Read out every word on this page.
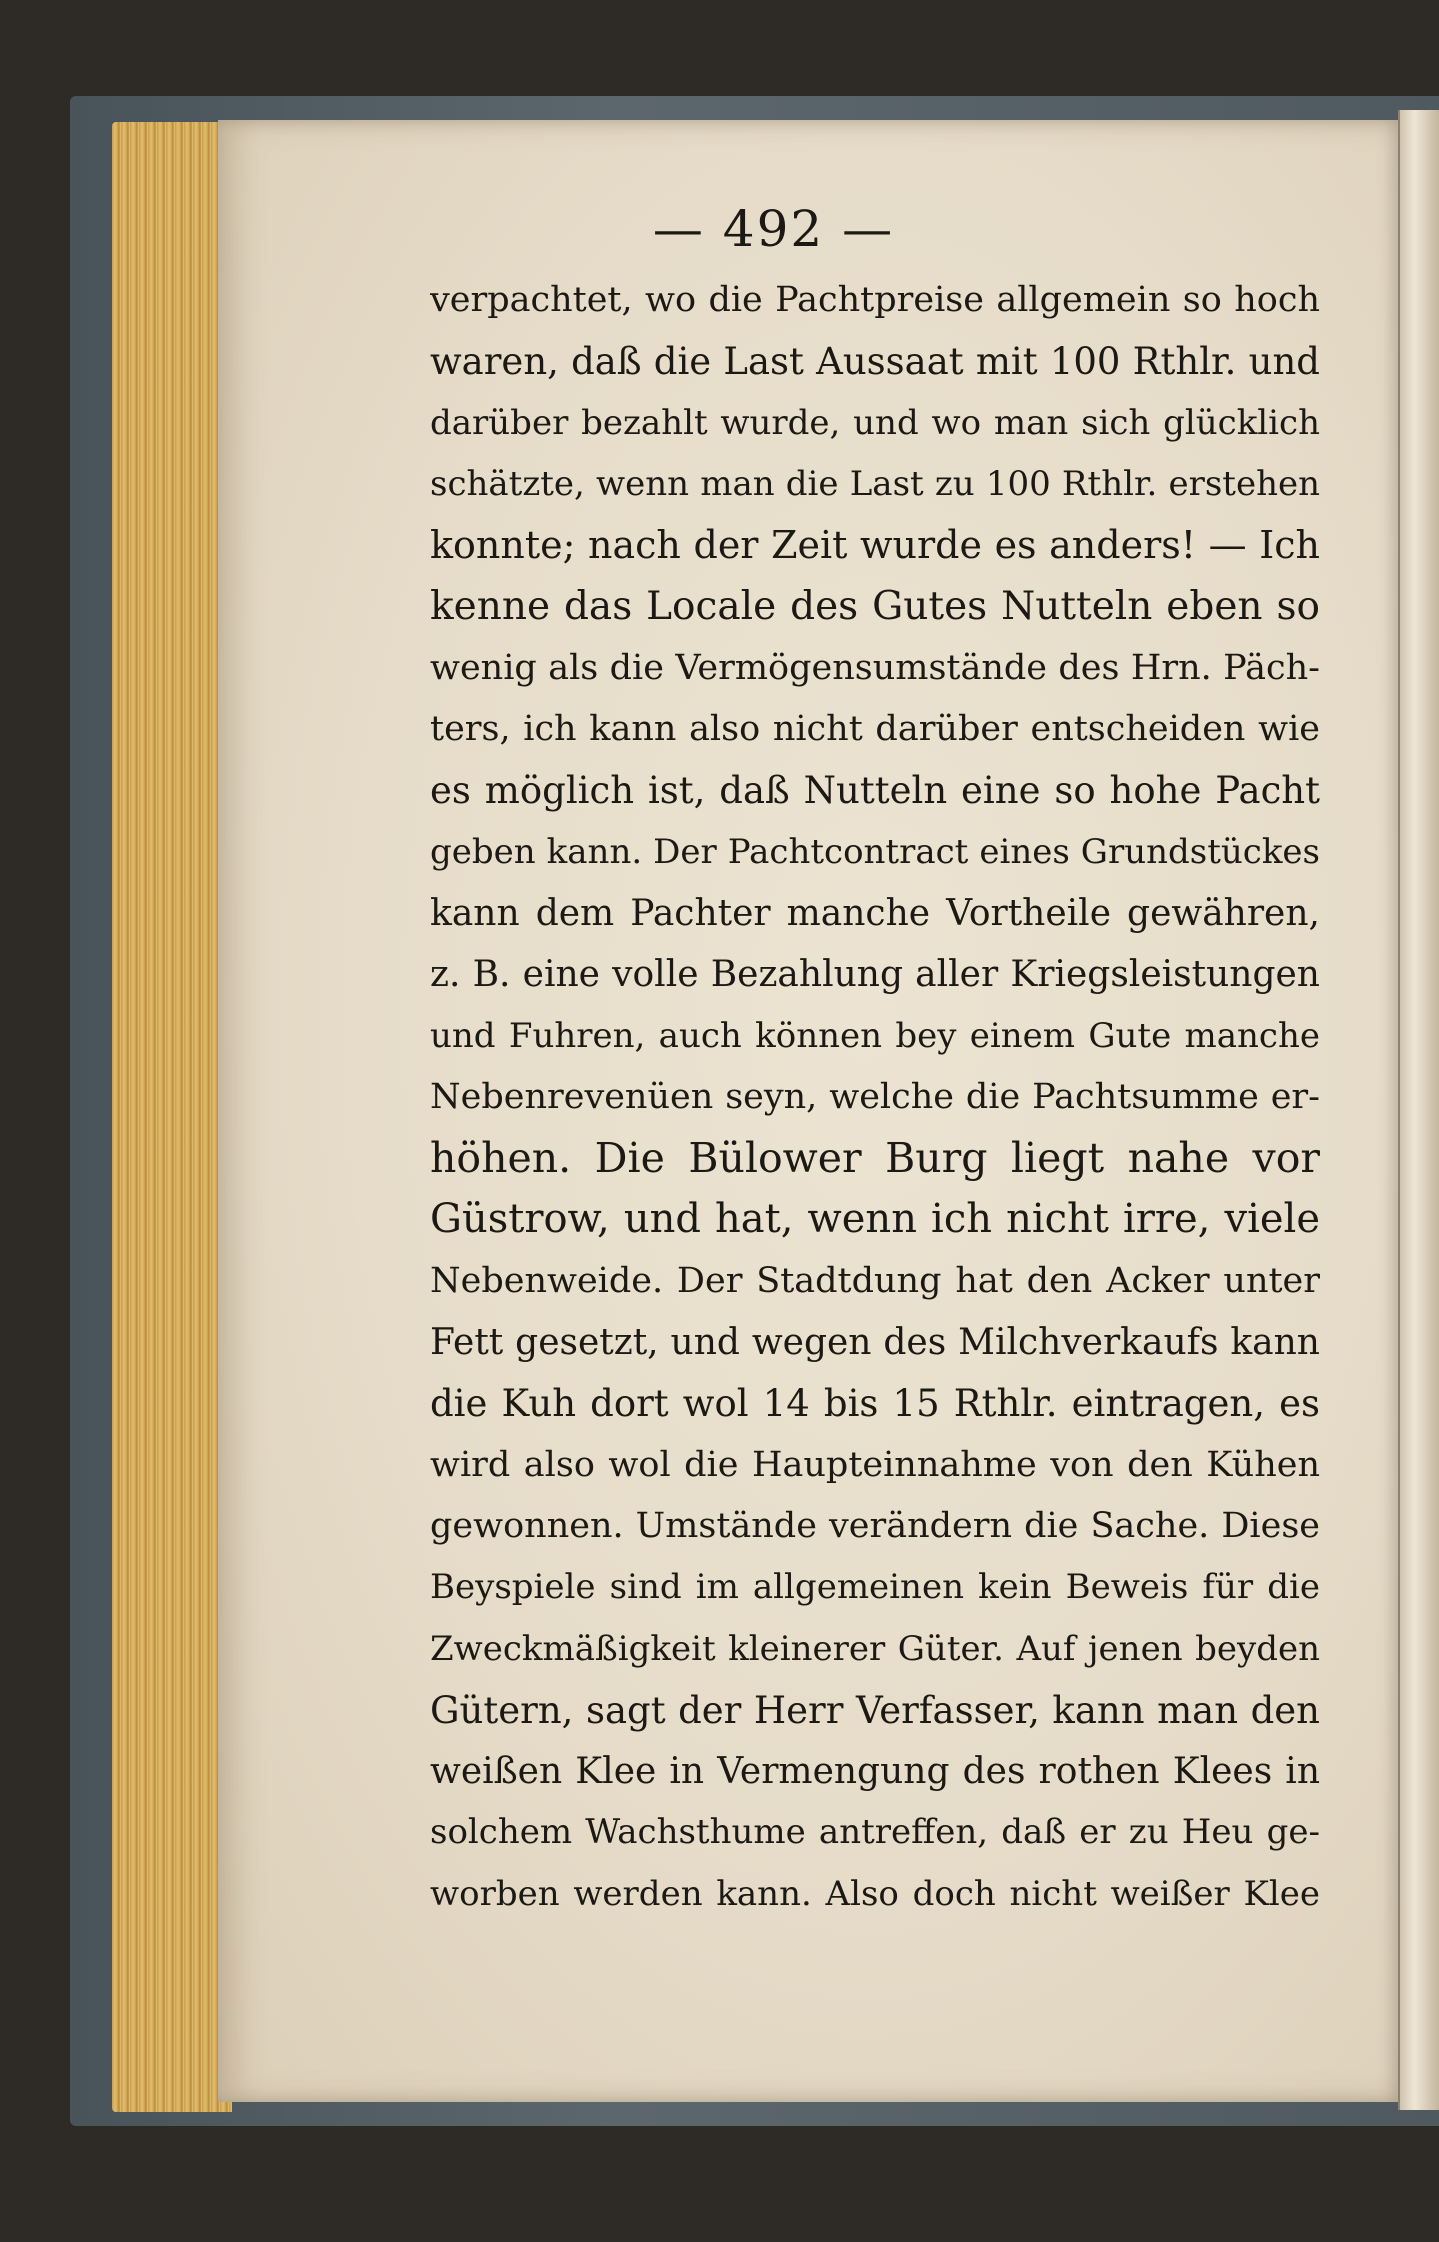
— 492 —
verpachtet, wo die Pachtpreise allgemein so hoch
waren, daß die Last Aussaat mit 100 Rthlr. und
darüber bezahlt wurde, und wo man sich glücklich
schätzte, wenn man die Last zu 100 Rthlr. erstehen
konnte; nach der Zeit wurde es anders! — Ich
kenne das Locale des Gutes Nutteln eben so
wenig als die Vermögensumstände des Hrn. Päch-
ters, ich kann also nicht darüber entscheiden wie
es möglich ist, daß Nutteln eine so hohe Pacht
geben kann. Der Pachtcontract eines Grundstückes
kann dem Pachter manche Vortheile gewähren,
z. B. eine volle Bezahlung aller Kriegsleistungen
und Fuhren, auch können bey einem Gute manche
Nebenrevenüen seyn, welche die Pachtsumme er-
höhen. Die Bülower Burg liegt nahe vor
Güstrow, und hat, wenn ich nicht irre, viele
Nebenweide. Der Stadtdung hat den Acker unter
Fett gesetzt, und wegen des Milchverkaufs kann
die Kuh dort wol 14 bis 15 Rthlr. eintragen, es
wird also wol die Haupteinnahme von den Kühen
gewonnen. Umstände verändern die Sache. Diese
Beyspiele sind im allgemeinen kein Beweis für die
Zweckmäßigkeit kleinerer Güter. Auf jenen beyden
Gütern, sagt der Herr Verfasser, kann man den
weißen Klee in Vermengung des rothen Klees in
solchem Wachsthume antreffen, daß er zu Heu ge-
worben werden kann. Also doch nicht weißer Klee
